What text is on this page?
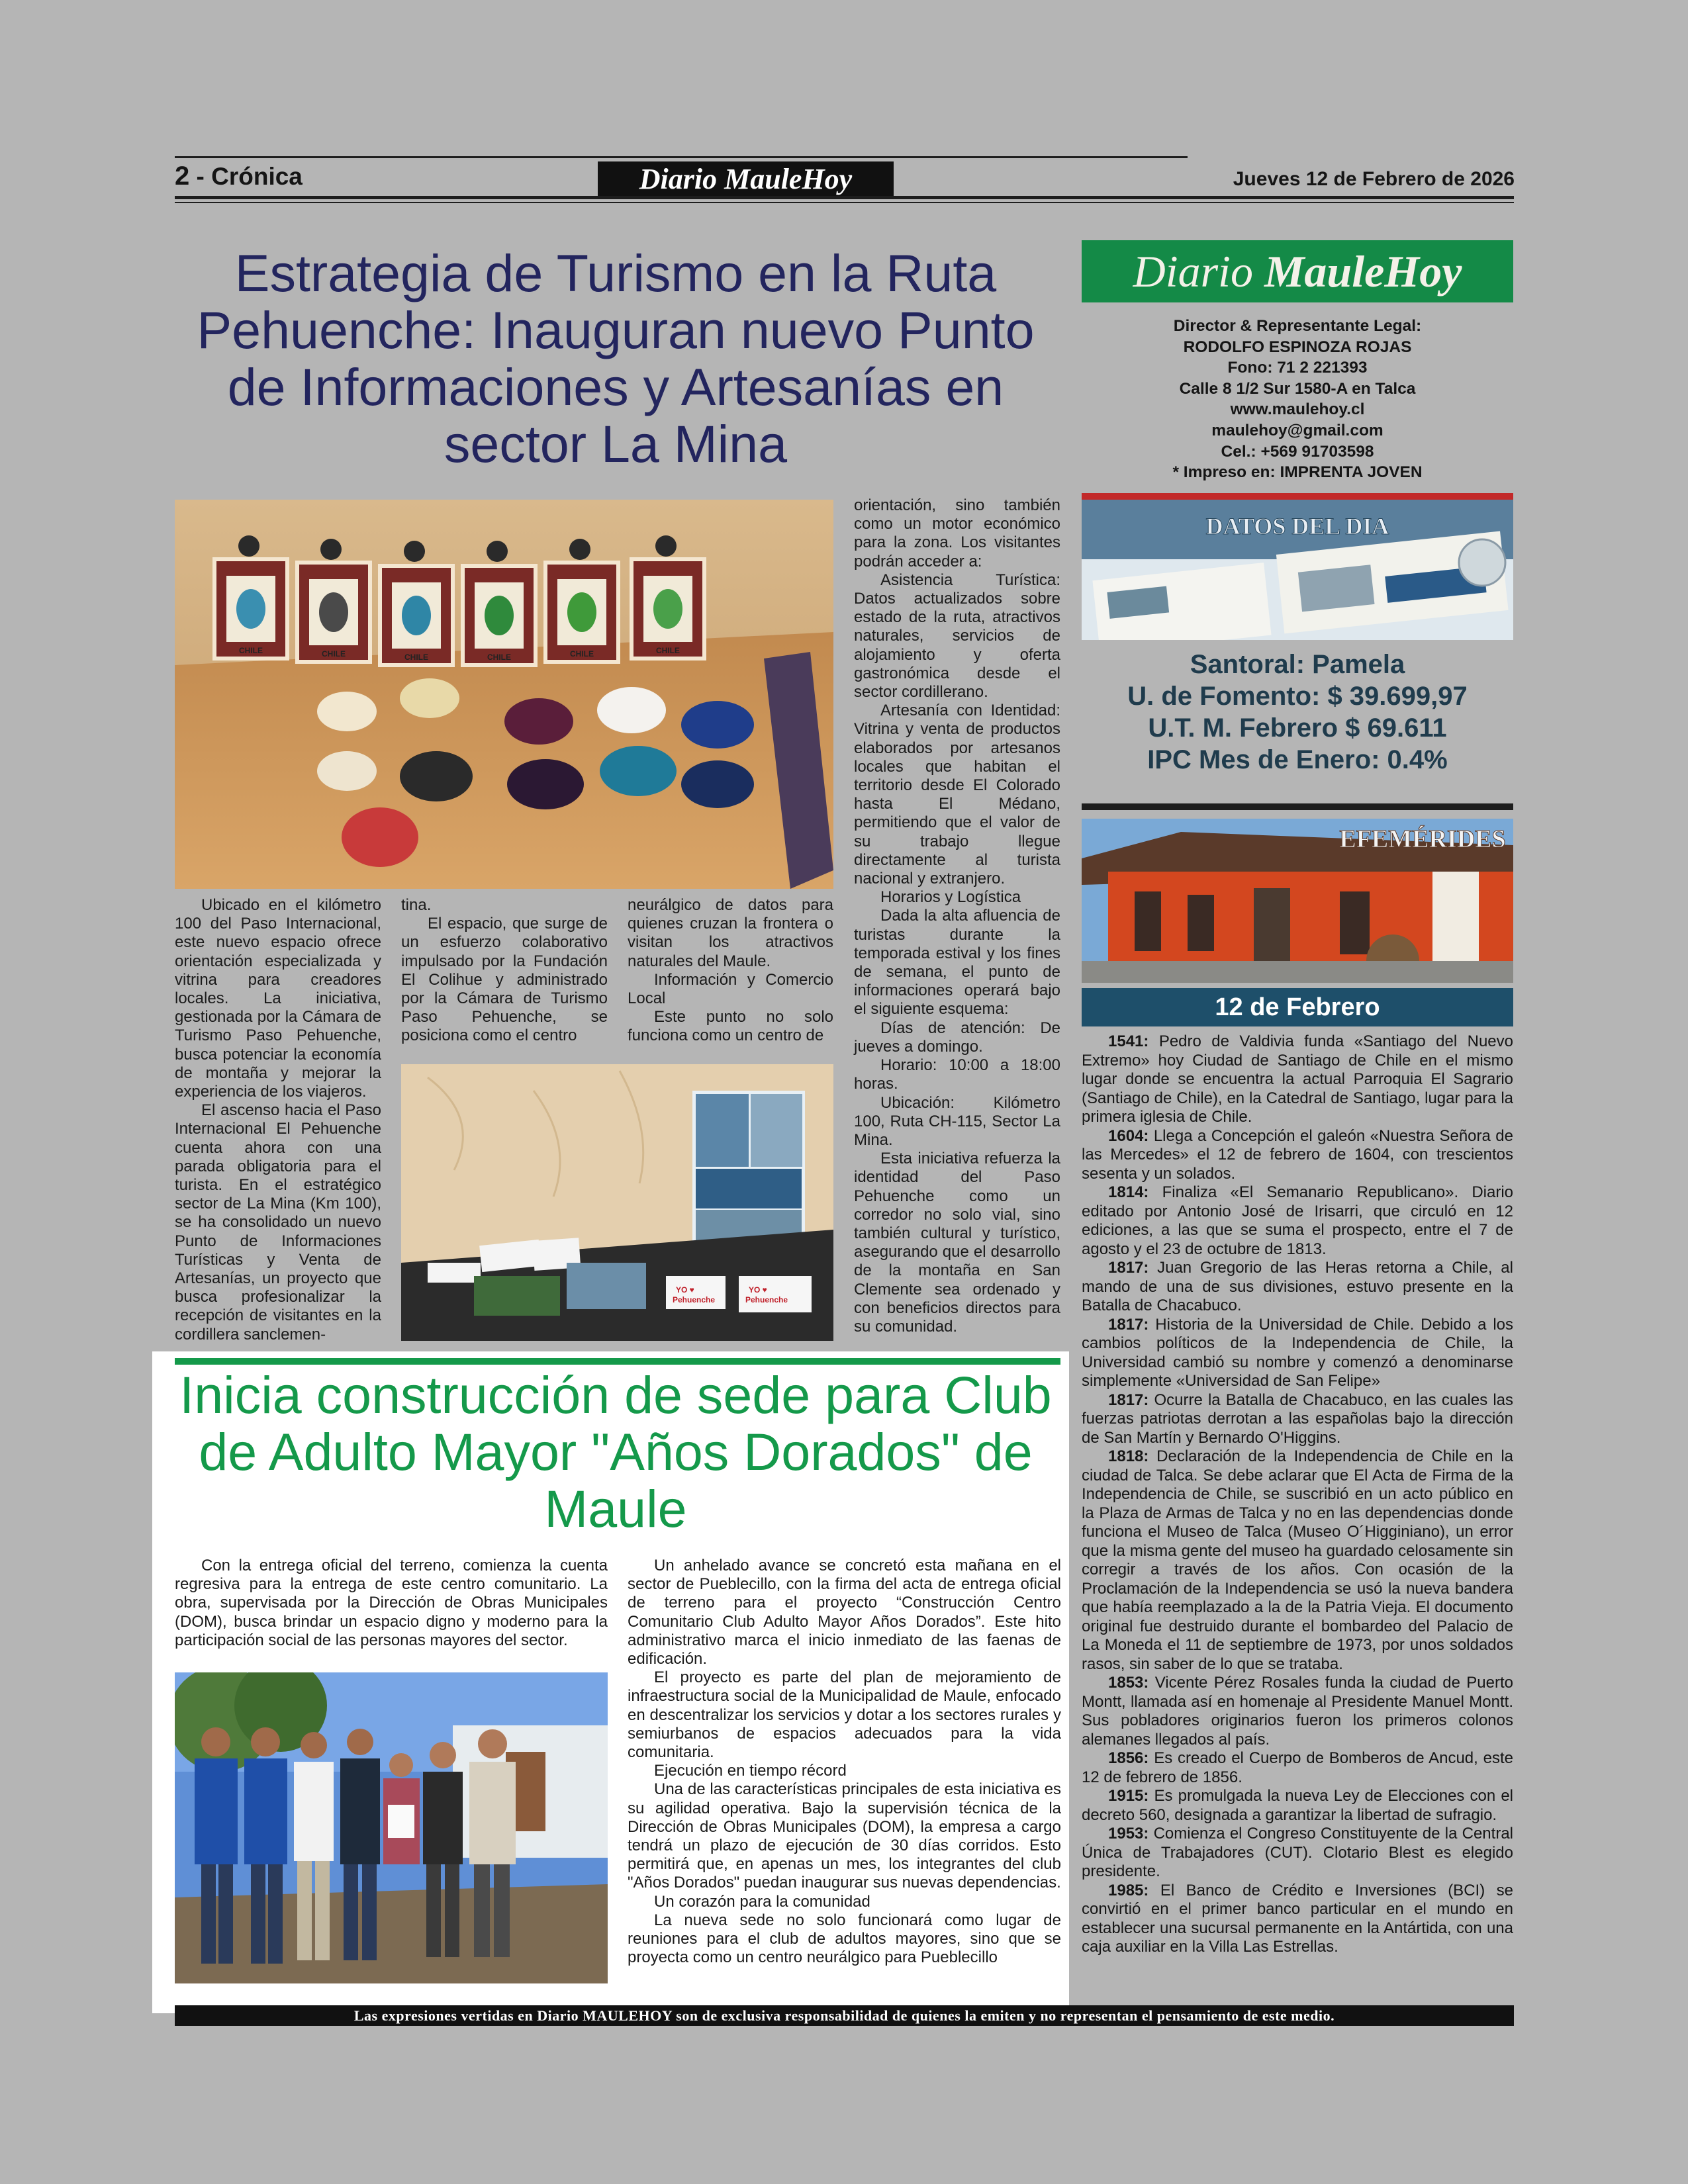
2 - Crónica	Diario MauleHoy	Jueves 12 de Febrero de 2026
Estrategia de Turismo en la Ruta Pehuenche: Inauguran nuevo Punto de Informaciones y Artesanías en sector La Mina
CHILE	CHILE	CHILE	CHILE	CHILE	CHILE
YO ♥
Pehuenche
YO ♥
Pehuenche

Ubicado en el kilómetro 100 del Paso Internacional, este nuevo espacio ofrece orientación especializada y vitrina para creadores locales. La iniciativa, gestionada por la Cámara de Turismo Paso Pehuenche, busca potenciar la economía de montaña y mejorar la experiencia de los viajeros.

El ascenso hacia el Paso Internacional El Pehuenche cuenta ahora con una parada obligatoria para el turista. En el estratégico sector de La Mina (Km 100), se ha consolidado un nuevo Punto de Informaciones Turísticas y Venta de Artesanías, un proyecto que busca profesionalizar la recepción de visitantes en la cordillera sanclemen-

tina.

El espacio, que surge de un esfuerzo colaborativo impulsado por la Fundación El Colihue y administrado por la Cámara de Turismo Paso Pehuenche, se posiciona como el centro

neurálgico de datos para quienes cruzan la frontera o visitan los atractivos naturales del Maule.

Información y Comercio Local

Este punto no solo funciona como un centro de

orientación, sino también como un motor económico para la zona. Los visitantes podrán acceder a:

Asistencia Turística: Datos actualizados sobre estado de la ruta, atractivos naturales, servicios de alojamiento y oferta gastronómica desde el sector cordillerano.

Artesanía con Identidad: Vitrina y venta de productos elaborados por artesanos locales que habitan el territorio desde El Colorado hasta El Médano, permitiendo que el valor de su trabajo llegue directamente al turista nacional y extranjero.

Horarios y Logística

Dada la alta afluencia de turistas durante la temporada estival y los fines de semana, el punto de informaciones operará bajo el siguiente esquema:

Días de atención: De jueves a domingo.

Horario: 10:00 a 18:00 horas.

Ubicación: Kilómetro 100, Ruta CH-115, Sector La Mina.

Esta iniciativa refuerza la identidad del Paso Pehuenche como un corredor no solo vial, sino también cultural y turístico, asegurando que el desarrollo de la montaña en San Clemente sea ordenado y con beneficios directos para su comunidad.

Inicia construcción de sede para Club de Adulto Mayor "Años Dorados" de Maule

Con la entrega oficial del terreno, comienza la cuenta regresiva para la entrega de este centro comunitario. La obra, supervisada por la Dirección de Obras Municipales (DOM), busca brindar un espacio digno y moderno para la participación social de las personas mayores del sector.

Un anhelado avance se concretó esta mañana en el sector de Pueblecillo, con la firma del acta de entrega oficial de terreno para el proyecto “Construcción Centro Comunitario Club Adulto Mayor Años Dorados”. Este hito administrativo marca el inicio inmediato de las faenas de edificación.

El proyecto es parte del plan de mejoramiento de infraestructura social de la Municipalidad de Maule, enfocado en descentralizar los servicios y dotar a los sectores rurales y semiurbanos de espacios adecuados para la vida comunitaria.

Ejecución en tiempo récord

Una de las características principales de esta iniciativa es su agilidad operativa. Bajo la supervisión técnica de la Dirección de Obras Municipales (DOM), la empresa a cargo tendrá un plazo de ejecución de 30 días corridos. Esto permitirá que, en apenas un mes, los integrantes del club "Años Dorados" puedan inaugurar sus nuevas dependencias.

Un corazón para la comunidad

La nueva sede no solo funcionará como lugar de reuniones para el club de adultos mayores, sino que se proyecta como un centro neurálgico para Pueblecillo

Diario MauleHoy
Director & Representante Legal:
RODOLFO ESPINOZA ROJAS
Fono: 71 2 221393
Calle 8 1/2 Sur 1580-A en Talca
www.maulehoy.cl
maulehoy@gmail.com
Cel.: +569 91703598
* Impreso en: IMPRENTA JOVEN
DATOS DEL DIA
Santoral: Pamela
U. de Fomento: $ 39.699,97
U.T. M. Febrero $ 69.611
IPC Mes de Enero: 0.4%
EFEMÉRIDES
12 de Febrero

1541: Pedro de Valdivia funda «Santiago del Nuevo Extremo» hoy Ciudad de Santiago de Chile en el mismo lugar donde se encuentra la actual Parroquia El Sagrario (Santiago de Chile), en la Catedral de Santiago, lugar para la primera iglesia de Chile.

1604: Llega a Concepción el galeón «Nuestra Señora de las Mercedes» el 12 de febrero de 1604, con trescientos sesenta y un solados.

1814: Finaliza «El Semanario Republicano». Diario editado por Antonio José de Irisarri, que circuló en 12 ediciones, a las que se suma el prospecto, entre el 7 de agosto y el 23 de octubre de 1813.

1817: Juan Gregorio de las Heras retorna a Chile, al mando de una de sus divisiones, estuvo presente en la Batalla de Chacabuco.

1817: Historia de la Universidad de Chile. Debido a los cambios políticos de la Independencia de Chile, la Universidad cambió su nombre y comenzó a denominarse simplemente «Universidad de San Felipe»

1817: Ocurre la Batalla de Chacabuco, en las cuales las fuerzas patriotas derrotan a las españolas bajo la dirección de San Martín y Bernardo O'Higgins.

1818: Declaración de la Independencia de Chile en la ciudad de Talca. Se debe aclarar que El Acta de Firma de la Independencia de Chile, se suscribió en un acto público en la Plaza de Armas de Talca y no en las dependencias donde funciona el Museo de Talca (Museo O´Higginiano), un error que la misma gente del museo ha guardado celosamente sin corregir a través de los años. Con ocasión de la Proclamación de la Independencia se usó la nueva bandera que había reemplazado a la de la Patria Vieja. El documento original fue destruido durante el bombardeo del Palacio de La Moneda el 11 de septiembre de 1973, por unos soldados rasos, sin saber de lo que se trataba.

1853: Vicente Pérez Rosales funda la ciudad de Puerto Montt, llamada así en homenaje al Presidente Manuel Montt. Sus pobladores originarios fueron los primeros colonos alemanes llegados al país.

1856: Es creado el Cuerpo de Bomberos de Ancud, este 12 de febrero de 1856.

1915: Es promulgada la nueva Ley de Elecciones con el decreto 560, designada a garantizar la libertad de sufragio.

1953: Comienza el Congreso Constituyente de la Central Única de Trabajadores (CUT). Clotario Blest es elegido presidente.

1985: El Banco de Crédito e Inversiones (BCI) se convirtió en el primer banco particular en el mundo en establecer una sucursal permanente en la Antártida, con una caja auxiliar en la Villa Las Estrellas.

Las expresiones vertidas en Diario MAULEHOY son de exclusiva responsabilidad de quienes la emiten y no representan el pensamiento de este medio.
